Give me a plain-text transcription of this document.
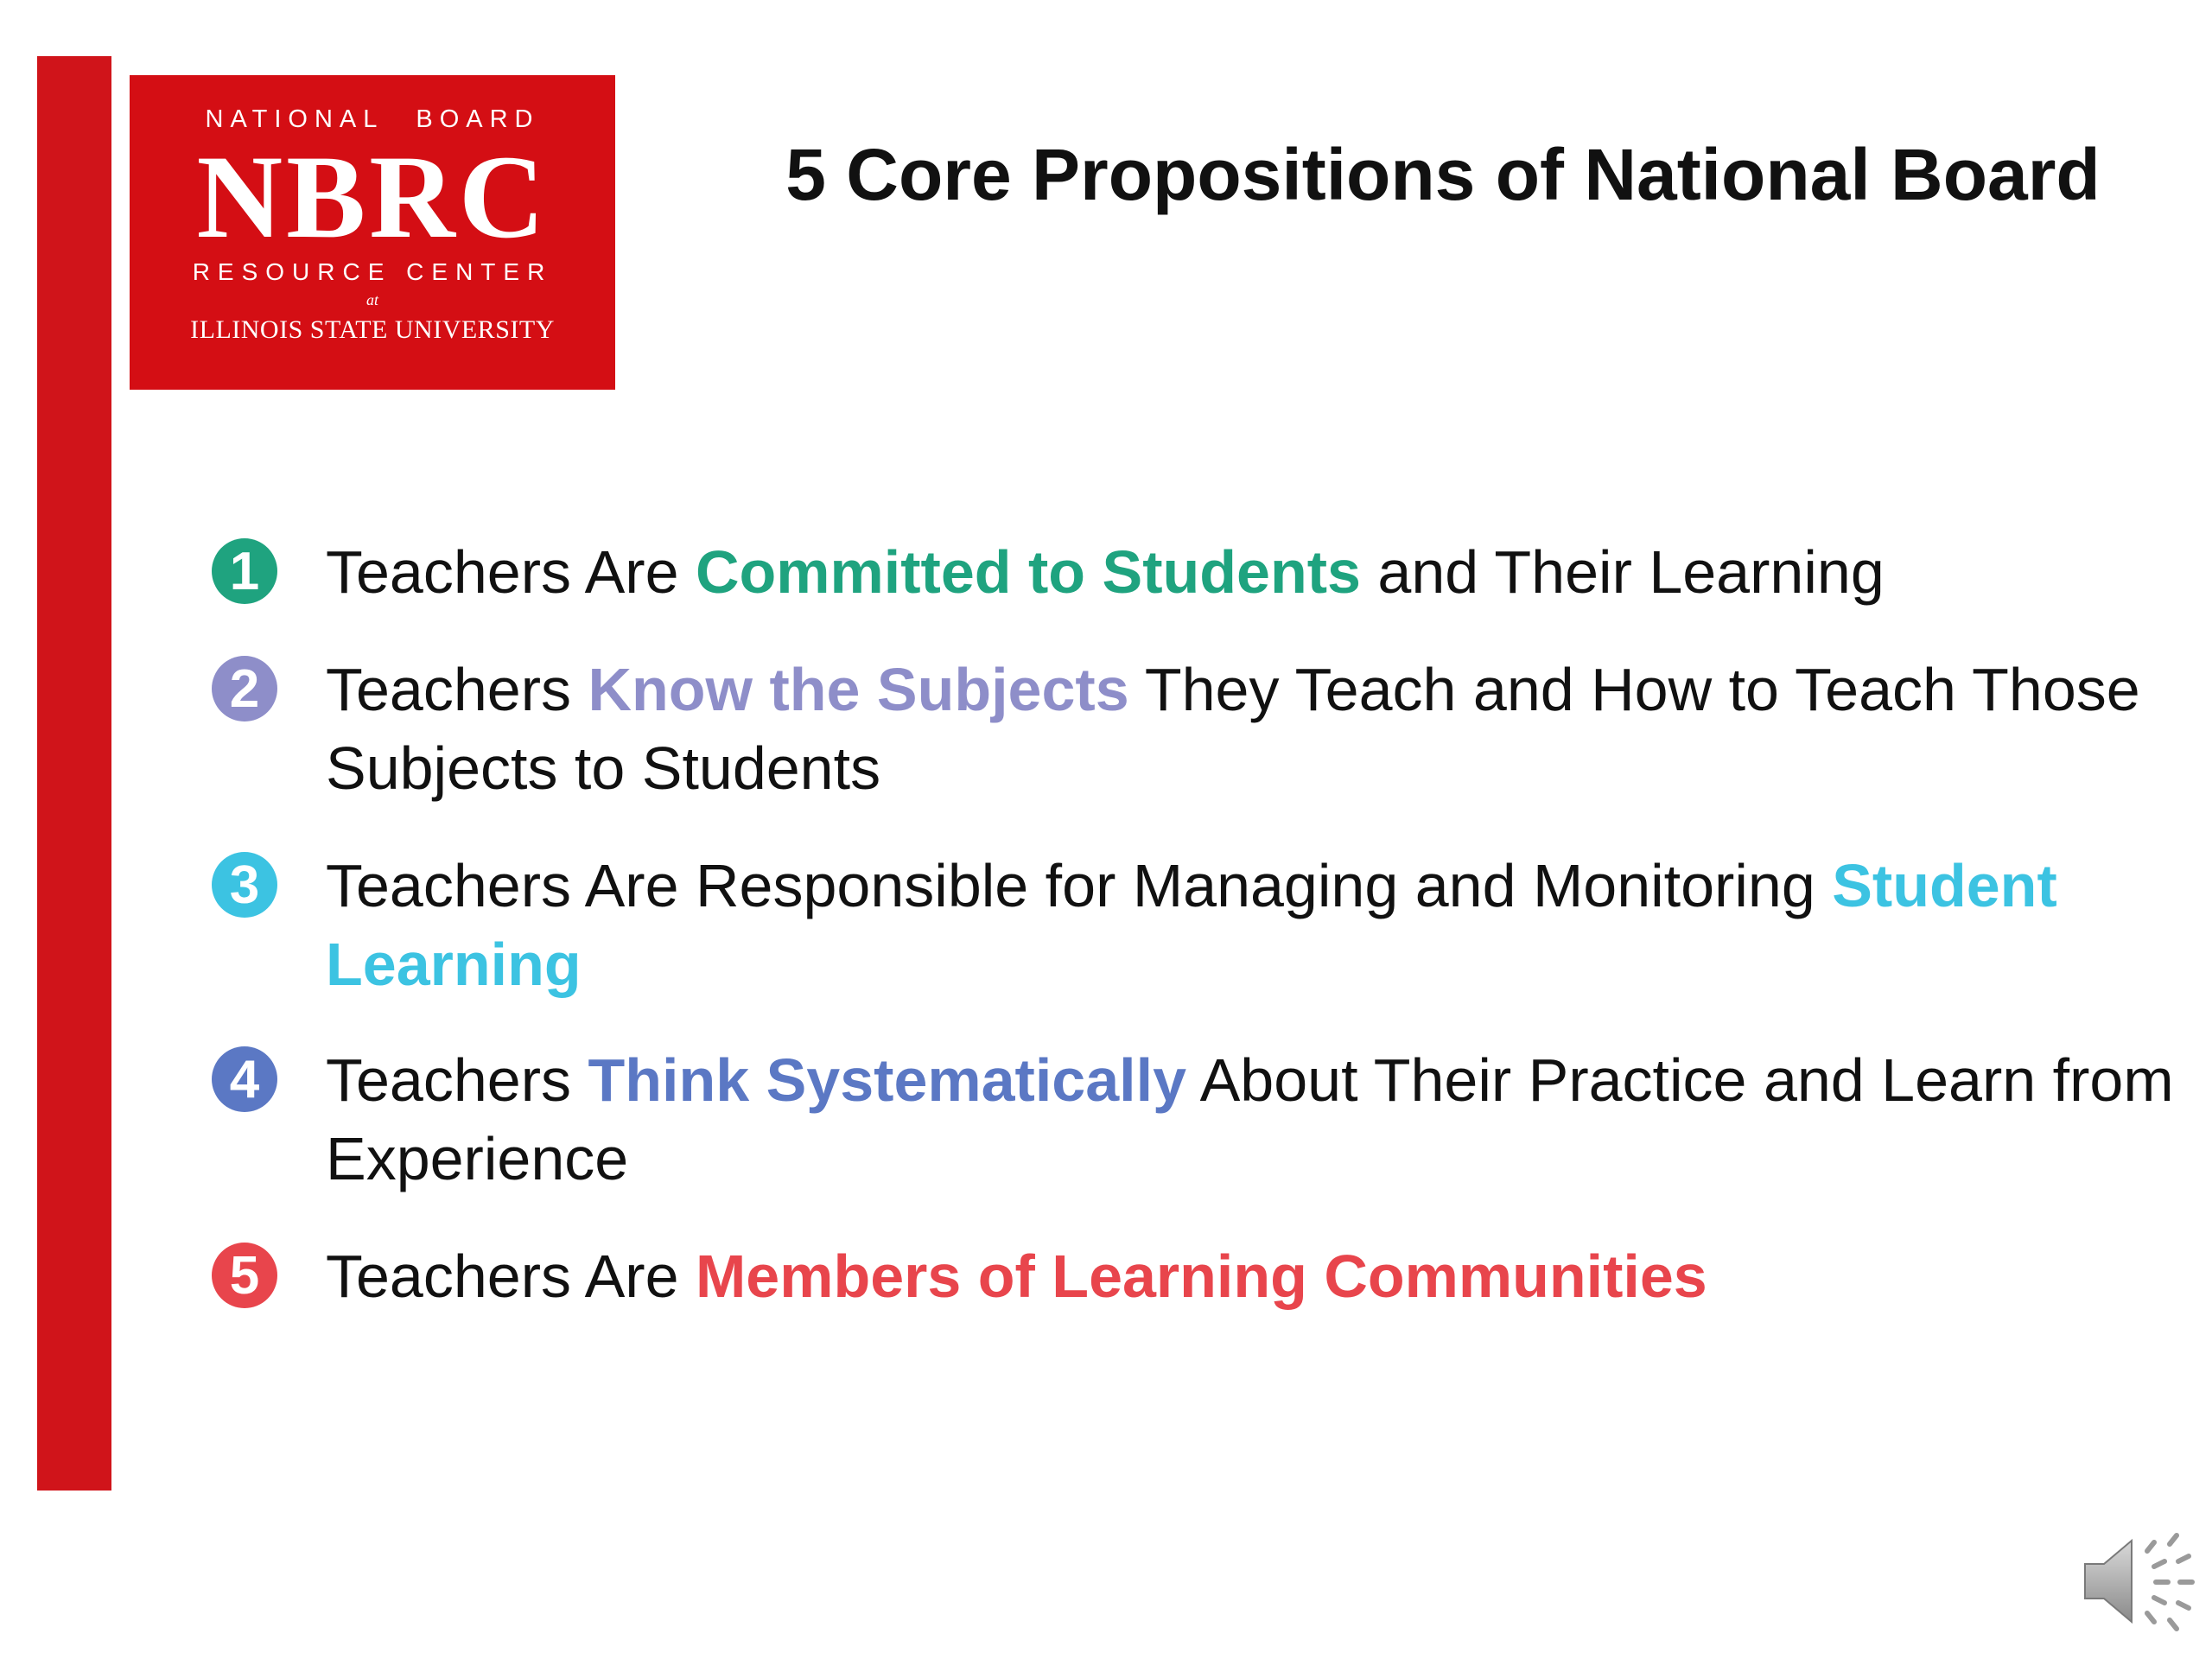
NATIONAL BOARD
NBRC
RESOURCE CENTER
at
ILLINOIS STATE UNIVERSITY
5 Core Propositions of National Board
1 Teachers Are Committed to Students and Their Learning
2 Teachers Know the Subjects They Teach and How to Teach Those Subjects to Students
3 Teachers Are Responsible for Managing and Monitoring Student Learning
4 Teachers Think Systematically About Their Practice and Learn from Experience
5 Teachers Are Members of Learning Communities
